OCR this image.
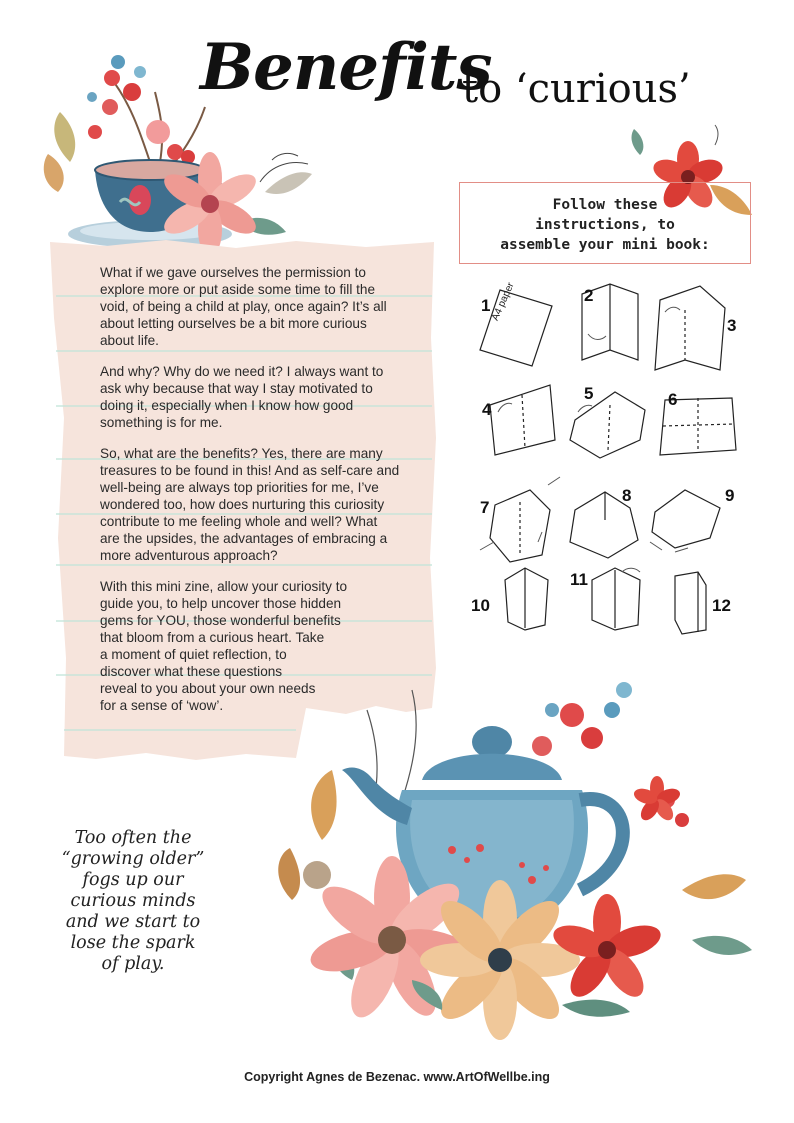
Benefits
to ‘curious’
Follow these
instructions, to
assemble your mini book:

What if we gave ourselves the permission to explore more or put aside some time to fill the void, of being a child at play, once again? It’s all about letting ourselves be a bit more curious about life.

And why? Why do we need it? I always want to ask why because that way I stay motivated to doing it, especially when I know how good something is for me.

So, what are the benefits? Yes, there are many treasures to be found in this! And as self-care and well-being are always top priorities for me, I’ve wondered too, how does nurturing this curiosity contribute to me feeling whole and well? What are the upsides, the advantages of embracing a more adventurous approach?

With this mini zine, allow your curiosity to
guide you, to help uncover those hidden
gems for YOU, those wonderful benefits
that bloom from a curious heart. Take
a moment of quiet reflection, to
discover what these questions
reveal to you about your own needs
for a sense of ‘wow’.

1
2
3
4
5	6
7
8	9
10
11
12
A4 paper
Too often the
“growing older”
fogs up our
curious minds
and we start to
lose the spark
of play.
Copyright Agnes de Bezenac. www.ArtOfWellbe.ing
